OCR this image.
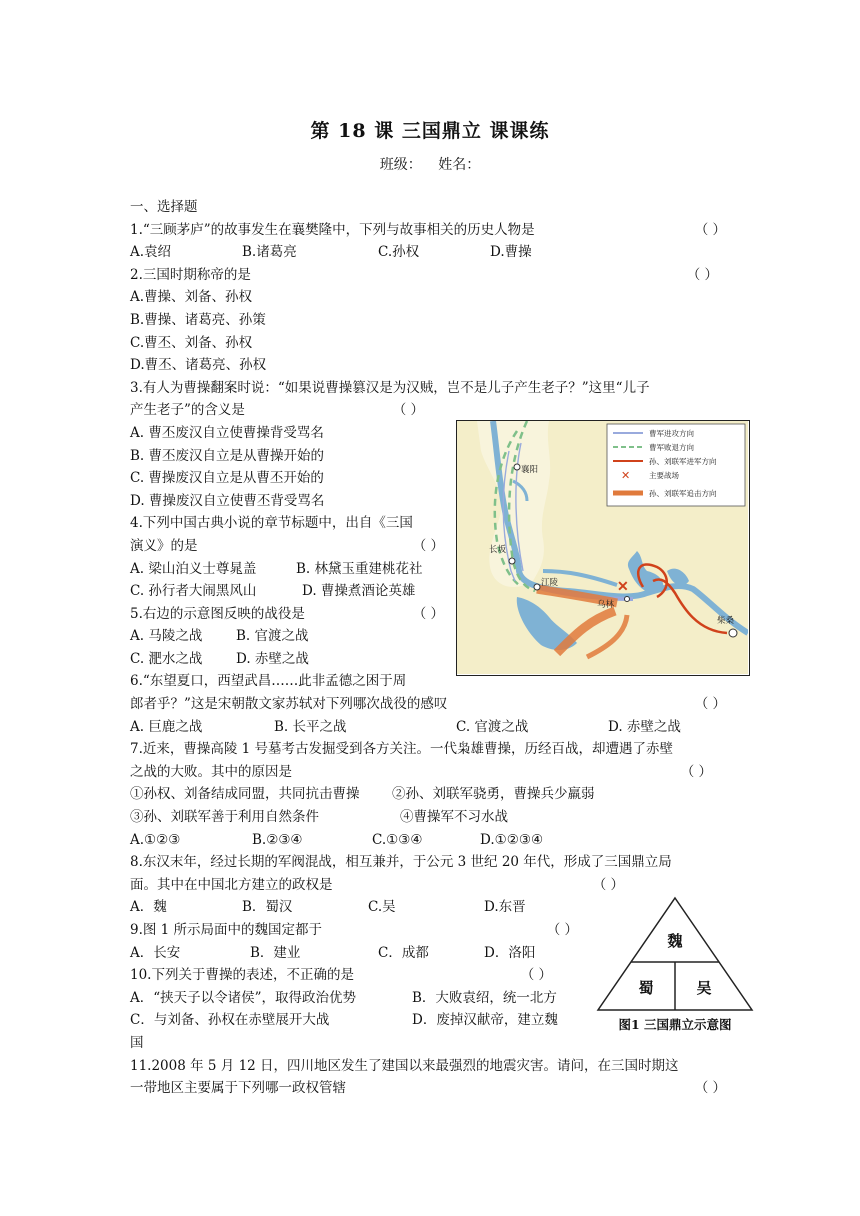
第 18 课 三国鼎立 课课练
班级： 姓名：
一、选择题
1.“三顾茅庐”的故事发生在襄樊隆中，下列与故事相关的历史人物是	（ ）
A.袁绍	B.诸葛亮	C.孙权	D.曹操
2.三国时期称帝的是	（ ）
A.曹操、刘备、孙权
B.曹操、诸葛亮、孙策
C.曹丕、刘备、孙权
D.曹丕、诸葛亮、孙权
3.有人为曹操翻案时说：“如果说曹操篡汉是为汉贼，岂不是儿子产生老子？”这里“儿子
产生老子”的含义是	（ ）
A. 曹丕废汉自立使曹操背受骂名
B. 曹丕废汉自立是从曹操开始的
C. 曹操废汉自立是从曹丕开始的
D. 曹操废汉自立使曹丕背受骂名
4.下列中国古典小说的章节标题中，出自《三国
演义》的是	（ ）
A. 梁山泊义士尊晁盖	B. 林黛玉重建桃花社
C. 孙行者大闹黑风山	D. 曹操煮酒论英雄
5.右边的示意图反映的战役是	（ ）
A. 马陵之战	B. 官渡之战
C. 淝水之战	D. 赤壁之战
6.“东望夏口，西望武昌……此非孟德之困于周
郎者乎？”这是宋朝散文家苏轼对下列哪次战役的感叹	（ ）
A. 巨鹿之战	B. 长平之战	C. 官渡之战	D. 赤壁之战
7.近来，曹操高陵 1 号墓考古发掘受到各方关注。一代枭雄曹操，历经百战，却遭遇了赤壁
之战的大败。其中的原因是	（ ）
①孙权、刘备结成同盟，共同抗击曹操	②孙、刘联军骁勇，曹操兵少羸弱
③孙、刘联军善于利用自然条件	④曹操军不习水战
A.①②③	B.②③④	C.①③④	D.①②③④
8.东汉末年，经过长期的军阀混战，相互兼并，于公元 3 世纪 20 年代，形成了三国鼎立局
面。其中在中国北方建立的政权是	（ ）
A．魏	B．蜀汉	C.吴	D.东晋
9.图 1 所示局面中的魏国定都于	（ ）
A．长安	B．建业	C．成都	D．洛阳
10.下列关于曹操的表述，不正确的是	（ ）
A．“挟天子以令诸侯”，取得政治优势	B．大败袁绍，统一北方
C．与刘备、孙权在赤壁展开大战	D．废掉汉献帝，建立魏
国
11.2008 年 5 月 12 日，四川地区发生了建国以来最强烈的地震灾害。请问，在三国时期这
一带地区主要属于下列哪一政权管辖	（ ）
✕
襄阳
长坂
江陵
乌林
柴桑
✕
曹军进攻方向
曹军败退方向
孙、刘联军进军方向
主要战场
孙、刘联军追击方向
魏
蜀	吴
图1 三国鼎立示意图
